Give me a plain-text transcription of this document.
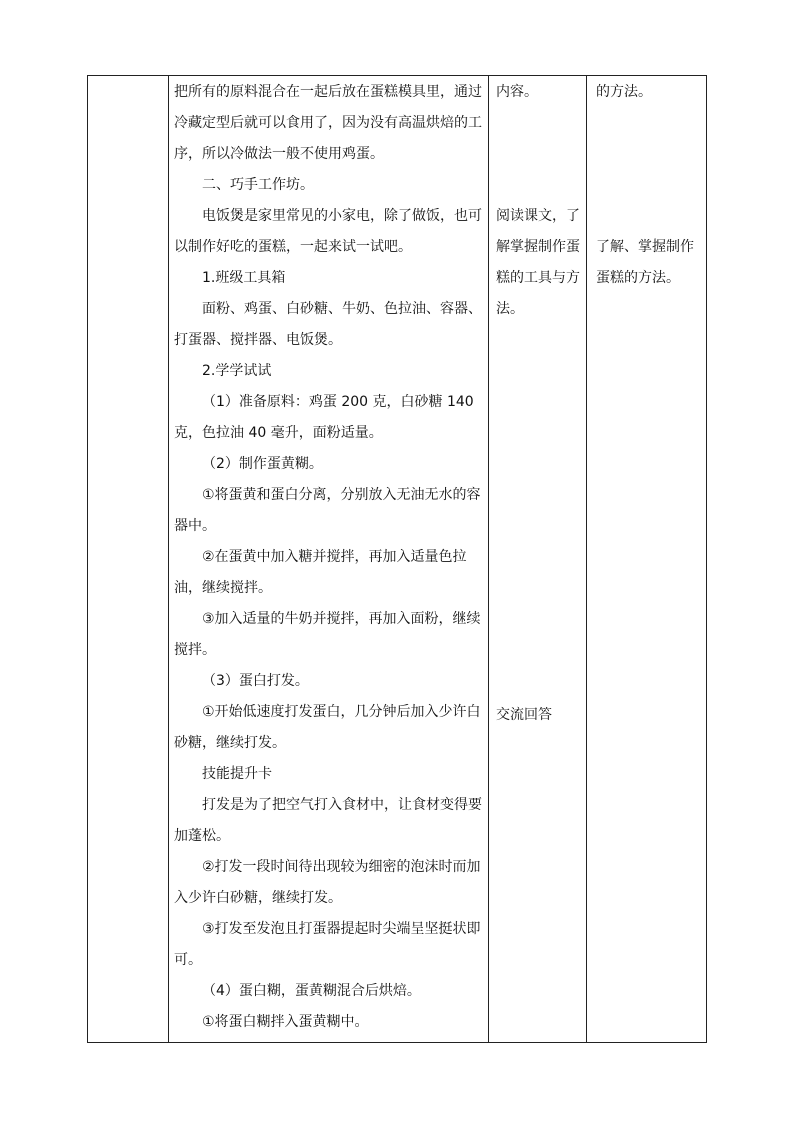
把所有的原料混合在一起后放在蛋糕模具里，通过冷藏定型后就可以食用了，因为没有高温烘焙的工序，所以冷做法一般不使用鸡蛋。

二、巧手工作坊。

电饭煲是家里常见的小家电，除了做饭，也可以制作好吃的蛋糕，一起来试一试吧。

1.班级工具箱

面粉、鸡蛋、白砂糖、牛奶、色拉油、容器、打蛋器、搅拌器、电饭煲。

2.学学试试

（1）准备原料：鸡蛋 200 克，白砂糖 140 克，色拉油 40 毫升，面粉适量。

（2）制作蛋黄糊。

①将蛋黄和蛋白分离，分别放入无油无水的容器中。

②在蛋黄中加入糖并搅拌，再加入适量色拉油，继续搅拌。

③加入适量的牛奶并搅拌，再加入面粉，继续搅拌。

（3）蛋白打发。

①开始低速度打发蛋白，几分钟后加入少许白砂糖，继续打发。

技能提升卡

打发是为了把空气打入食材中，让食材变得要加蓬松。

②打发一段时间待出现较为细密的泡沫时而加入少许白砂糖，继续打发。

③打发至发泡且打蛋器提起时尖端呈坚挺状即可。

（4）蛋白糊，蛋黄糊混合后烘焙。

①将蛋白糊拌入蛋黄糊中。

内容。

阅读课文，了解掌握制作蛋糕的工具与方法。

交流回答

的方法。

了解、掌握制作蛋糕的方法。
